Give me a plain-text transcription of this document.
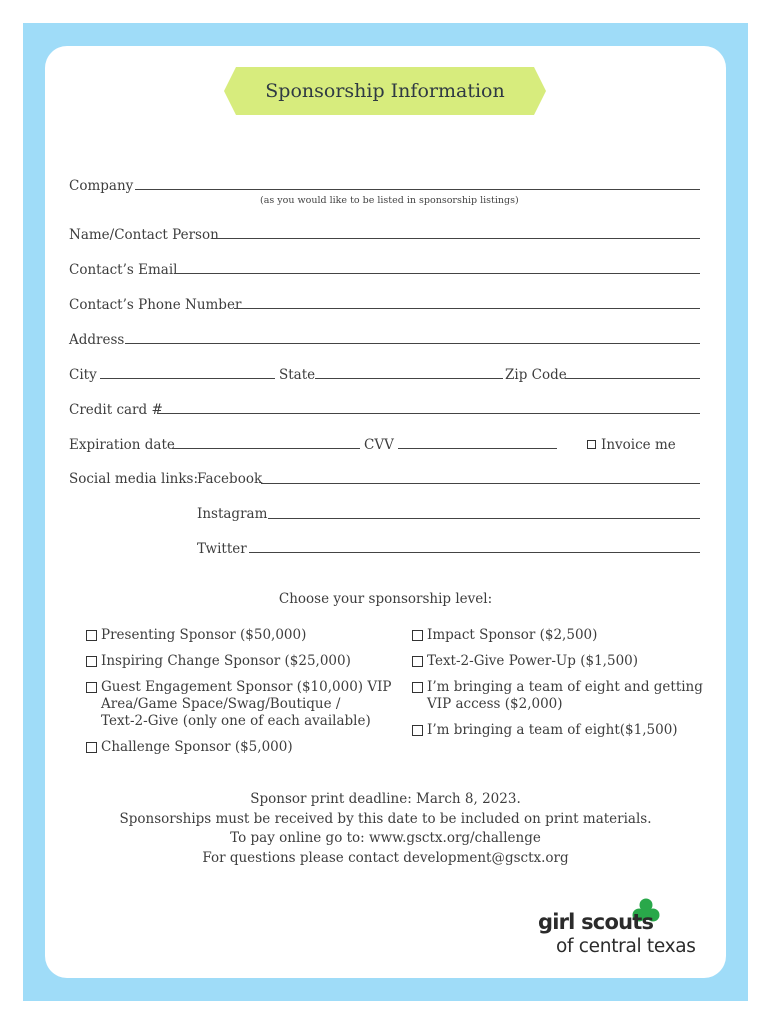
Sponsorship Information
Company
(as you would like to be listed in sponsorship listings)
Name/Contact Person
Contact’s Email
Contact’s Phone Number
Address
City	State	Zip Code
Credit card #
Expiration date	CVV	Invoice me
Social media links: Facebook
Instagram
Twitter
Choose your sponsorship level:
Presenting Sponsor ($50,000)
Inspiring Change Sponsor ($25,000)
Guest Engagement Sponsor ($10,000) VIP
Area/Game Space/Swag/Boutique /
Text-2-Give (only one of each available)
Challenge Sponsor ($5,000)
Impact Sponsor ($2,500)
Text-2-Give Power-Up ($1,500)
I’m bringing a team of eight and getting
VIP access ($2,000)
I’m bringing a team of eight($1,500)
Sponsor print deadline: March 8, 2023.
Sponsorships must be received by this date to be included on print materials.
To pay online go to: www.gsctx.org/challenge
For questions please contact development@gsctx.org
girl scouts
of central texas
